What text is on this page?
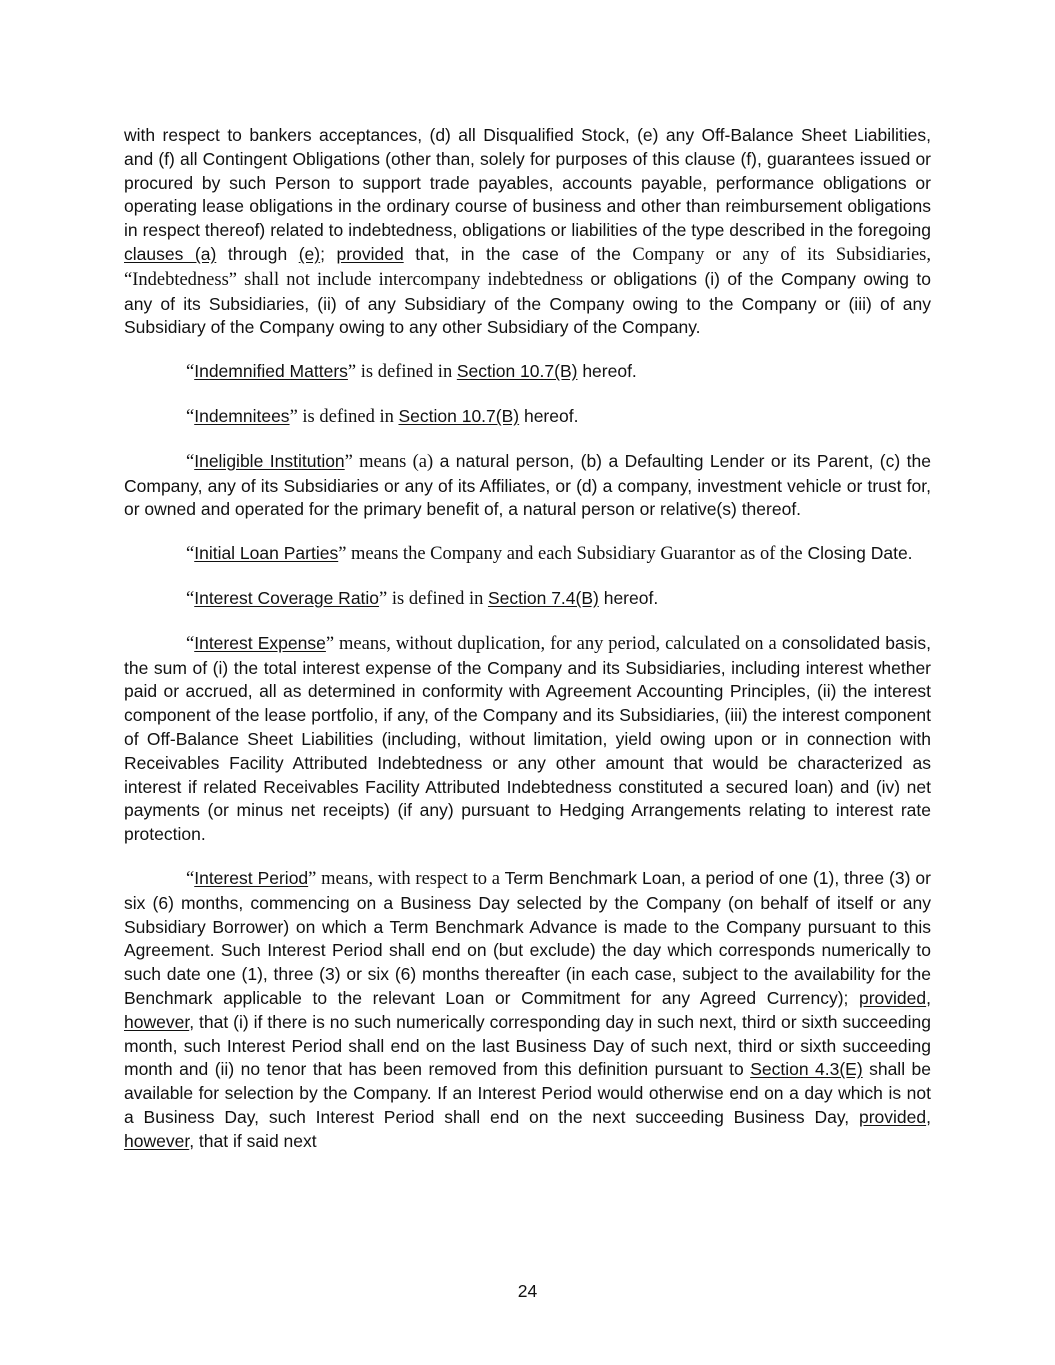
with respect to bankers acceptances, (d) all Disqualified Stock, (e) any Off-Balance Sheet Liabilities, and (f) all Contingent Obligations (other than, solely for purposes of this clause (f), guarantees issued or procured by such Person to support trade payables, accounts payable, performance obligations or operating lease obligations in the ordinary course of business and other than reimbursement obligations in respect thereof) related to indebtedness, obligations or liabilities of the type described in the foregoing clauses (a) through (e); provided that, in the case of the Company or any of its Subsidiaries, “Indebtedness” shall not include intercompany indebtedness or obligations (i) of the Company owing to any of its Subsidiaries, (ii) of any Subsidiary of the Company owing to the Company or (iii) of any Subsidiary of the Company owing to any other Subsidiary of the Company.

“Indemnified Matters” is defined in Section 10.7(B) hereof.

“Indemnitees” is defined in Section 10.7(B) hereof.

“Ineligible Institution” means (a) a natural person, (b) a Defaulting Lender or its Parent, (c) the Company, any of its Subsidiaries or any of its Affiliates, or (d) a company, investment vehicle or trust for, or owned and operated for the primary benefit of, a natural person or relative(s) thereof.

“Initial Loan Parties” means the Company and each Subsidiary Guarantor as of the Closing Date.

“Interest Coverage Ratio” is defined in Section 7.4(B) hereof.

“Interest Expense” means, without duplication, for any period, calculated on a consolidated basis, the sum of (i) the total interest expense of the Company and its Subsidiaries, including interest whether paid or accrued, all as determined in conformity with Agreement Accounting Principles, (ii) the interest component of the lease portfolio, if any, of the Company and its Subsidiaries, (iii) the interest component of Off-Balance Sheet Liabilities (including, without limitation, yield owing upon or in connection with Receivables Facility Attributed Indebtedness or any other amount that would be characterized as interest if related Receivables Facility Attributed Indebtedness constituted a secured loan) and (iv) net payments (or minus net receipts) (if any) pursuant to Hedging Arrangements relating to interest rate protection.

“Interest Period” means, with respect to a Term Benchmark Loan, a period of one (1), three (3) or six (6) months, commencing on a Business Day selected by the Company (on behalf of itself or any Subsidiary Borrower) on which a Term Benchmark Advance is made to the Company pursuant to this Agreement. Such Interest Period shall end on (but exclude) the day which corresponds numerically to such date one (1), three (3) or six (6) months thereafter (in each case, subject to the availability for the Benchmark applicable to the relevant Loan or Commitment for any Agreed Currency); provided, however, that (i) if there is no such numerically corresponding day in such next, third or sixth succeeding month, such Interest Period shall end on the last Business Day of such next, third or sixth succeeding month and (ii) no tenor that has been removed from this definition pursuant to Section 4.3(E) shall be available for selection by the Company. If an Interest Period would otherwise end on a day which is not a Business Day, such Interest Period shall end on the next succeeding Business Day, provided, however, that if said next

24
